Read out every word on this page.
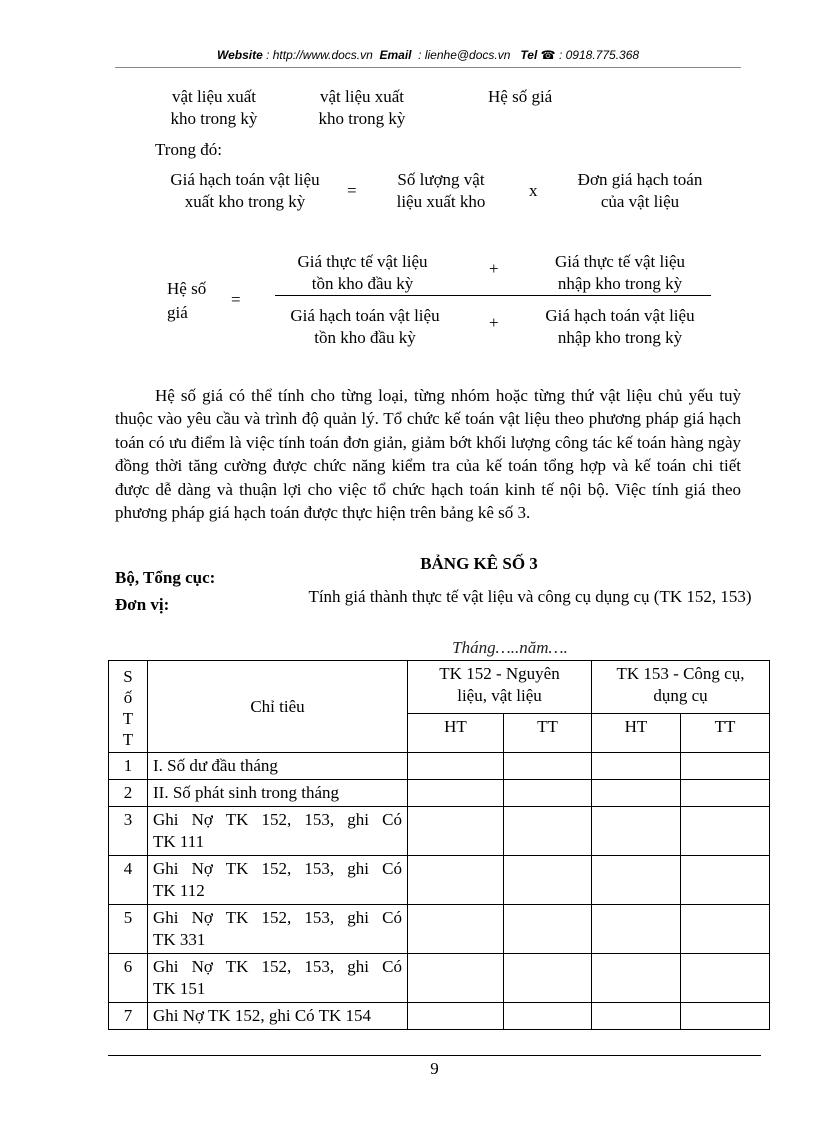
Website : http://www.docs.vn Email : lienhe@docs.vn Tel ☎ : 0918.775.368
vật liệu xuất
kho trong kỳ
vật liệu xuất
kho trong kỳ
Hệ số giá
Trong đó:
Giá hạch toán vật liệu
xuất kho trong kỳ
=
Số lượng vật
liệu xuất kho
x
Đơn giá hạch toán
của vật liệu
Hệ số
giá
=
Giá thực tế vật liệu
tồn kho đầu kỳ
+	Giá thực tế vật liệu
nhập kho trong kỳ
Giá hạch toán vật liệu
tồn kho đầu kỳ
+	Giá hạch toán vật liệu
nhập kho trong kỳ
Hệ số giá có thể tính cho từng loại, từng nhóm hoặc từng thứ vật liệu chủ yếu tuỳ thuộc vào yêu cầu và trình độ quản lý. Tổ chức kế toán vật liệu theo phương pháp giá hạch toán có ưu điểm là việc tính toán đơn giản, giảm bớt khối lượng công tác kế toán hàng ngày đồng thời tăng cường được chức năng kiểm tra của kế toán tổng hợp và kế toán chi tiết được dễ dàng và thuận lợi cho việc tổ chức hạch toán kinh tế nội bộ. Việc tính giá theo phương pháp giá hạch toán được thực hiện trên bảng kê số 3.
BẢNG KÊ SỐ 3
Bộ, Tổng cục:
Đơn vị:	Tính giá thành thực tế vật liệu và công cụ dụng cụ (TK 152, 153)
Tháng…..năm….
Số TT	Chỉ tiêu	TK 152 - Nguyên liệu, vật liệu		TK 153 - Công cụ, dụng cụ	

		HT	TT	HT	TT
1	I. Số dư đầu tháng				
2	II. Số phát sinh trong tháng				
3	Ghi Nợ TK 152, 153, ghi Có
TK 111				
4	Ghi Nợ TK 152, 153, ghi Có
TK 112				
5	Ghi Nợ TK 152, 153, ghi Có
TK 331				
6	Ghi Nợ TK 152, 153, ghi Có
TK 151				
7	Ghi Nợ TK 152, ghi Có TK 154				
9
